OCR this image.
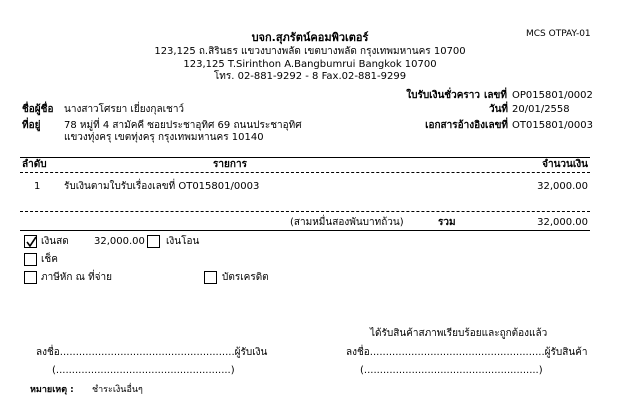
MCS OTPAY-01
บจก.สุภรัตน์คอมพิวเตอร์
123,125 ถ.สิรินธร แขวงบางพลัด เขตบางพลัด กรุงเทพมหานคร 10700
123,125 T.Sirinthon A.Bangbumrui Bangkok 10700
โทร. 02-881-9292 - 8 Fax.02-881-9299
ใบรับเงินชั่วคราว เลขที่ OP015801/0002
วันที่ 20/01/2558
เอกสารอ้างอิงเลขที่ OT015801/0003
ชื่อผู้ชื่อ นางสาวโศรยา เยี่ยงกุลเชาว์
ที่อยู่ 78 หมู่ที่ 4 สามัคคี ซอยประชาอุทิศ 69 ถนนประชาอุทิศ
แขวงทุ่งครุ เขตทุ่งครุ กรุงเทพมหานคร 10140
ลำดับ	รายการ	จำนวนเงิน
1 รับเงินตามใบรับเรื่องเลขที่ OT015801/0003	32,000.00
(สามหมื่นสองพันบาทถ้วน)	รวม	32,000.00
เงินสด	32,000.00 เงินโอน
เช็ค
ภาษีหัก ณ ที่จ่าย	บัตรเครดิต
ได้รับสินค้าสภาพเรียบร้อยและถูกต้องแล้ว
ลงชื่อ.......................................................ผู้รับเงิน
(.......................................................)
ลงชื่อ.......................................................ผู้รับสินค้า
(.......................................................)
หมายเหตุ : ชำระเงินอื่นๆ
